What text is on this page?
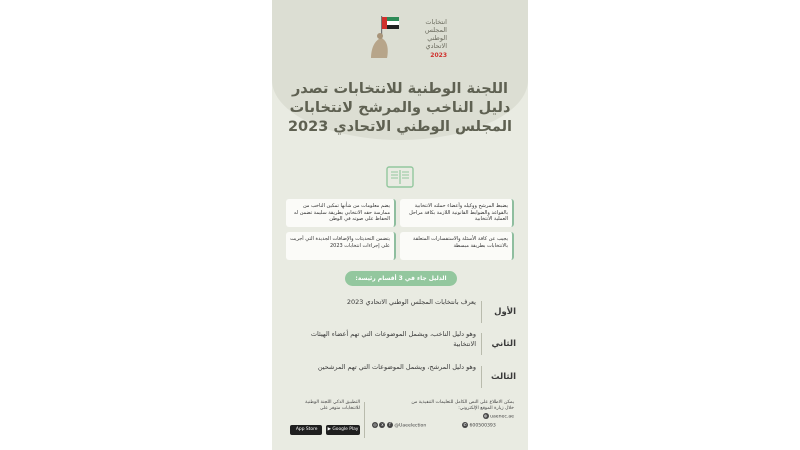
انتخابات
المجلس
الوطني
الاتحادي
2023
اللجنة الوطنية للانتخابات تصدر دليل الناخب والمرشح لانتخابات المجلس الوطني الاتحادي 2023
يضبط المرشح ووكيله وأعضاء حملته الانتخابية بالقواعد والضوابط القانونية اللازمة بكافة مراحل العملية الانتخابية
يضم معلومات من شأنها تمكين الناخب من ممارسة حقه الانتخابي بطريقة سليمة تضمن له الحفاظ على صوته في الوطن
يجيب عن كافة الأسئلة والاستفسارات المتعلقة بالانتخابات بطريقة مبسطة
يتضمن التحديثات والإضافات الجديدة التي أجريت على إجراءات انتخابات 2023
الدليل جاء في 3 أقسام رئيسة:
الأول
يعرف بانتخابات المجلس الوطني الاتحادي 2023
الثاني
وهو دليل الناخب، ويشمل الموضوعات التي تهم أعضاء الهيئات الانتخابية
الثالث
وهو دليل المرشح، ويشمل الموضوعات التي تهم المرشحين
يمكن الاطلاع على النص الكامل للتعليمات التنفيذية من خلال زيارة الموقع الإلكتروني:
◍ uaenec.ae
◎ x f @Uaeelection	✆ 600500393
التطبيق الذكي اللجنة الوطنية للانتخابات متوفر على
App Store	▶ Google Play
